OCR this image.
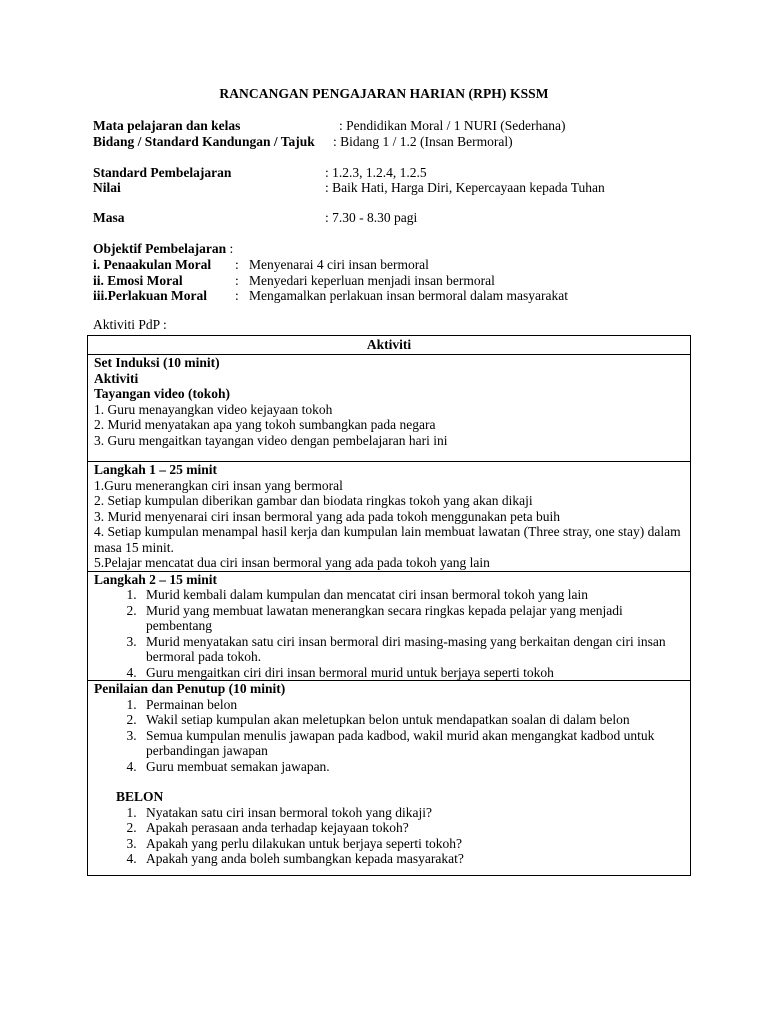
RANCANGAN PENGAJARAN HARIAN (RPH) KSSM
Mata pelajaran dan kelas	: Pendidikan Moral / 1 NURI (Sederhana)
Bidang / Standard Kandungan / Tajuk : Bidang 1 / 1.2 (Insan Bermoral)
Standard Pembelajaran	: 1.2.3, 1.2.4, 1.2.5
Nilai	: Baik Hati, Harga Diri, Kepercayaan kepada Tuhan
Masa	: 7.30 - 8.30 pagi
Objektif Pembelajaran :
i. Penaakulan Moral : Menyenarai 4 ciri insan bermoral
ii. Emosi Moral	: Menyedari keperluan menjadi insan bermoral
iii.Perlakuan Moral : Mengamalkan perlakuan insan bermoral dalam masyarakat
Aktiviti PdP :
Aktiviti

Set Induksi (10 minit)
Aktiviti
Tayangan video (tokoh)
1. Guru menayangkan video kejayaan tokoh
2. Murid menyatakan apa yang tokoh sumbangkan pada negara
3. Guru mengaitkan tayangan video dengan pembelajaran hari ini

Langkah 1 – 25 minit
1.Guru menerangkan ciri insan yang bermoral
2. Setiap kumpulan diberikan gambar dan biodata ringkas tokoh yang akan dikaji
3. Murid menyenarai ciri insan bermoral yang ada pada tokoh menggunakan peta buih
4. Setiap kumpulan menampal hasil kerja dan kumpulan lain membuat lawatan (Three stray, one stay) dalam masa 15 minit.
5.Pelajar mencatat dua ciri insan bermoral yang ada pada tokoh yang lain

Langkah 2 – 15 minit
1. Murid kembali dalam kumpulan dan mencatat ciri insan bermoral tokoh yang lain
2. Murid yang membuat lawatan menerangkan secara ringkas kepada pelajar yang menjadi pembentang
3. Murid menyatakan satu ciri insan bermoral diri masing-masing yang berkaitan dengan ciri insan bermoral pada tokoh.
4. Guru mengaitkan ciri diri insan bermoral murid untuk berjaya seperti tokoh

Penilaian dan Penutup (10 minit)
1. Permainan belon
2. Wakil setiap kumpulan akan meletupkan belon untuk mendapatkan soalan di dalam belon
3. Semua kumpulan menulis jawapan pada kadbod, wakil murid akan mengangkat kadbod untuk perbandingan jawapan
4. Guru membuat semakan jawapan.
BELON
1. Nyatakan satu ciri insan bermoral tokoh yang dikaji?
2. Apakah perasaan anda terhadap kejayaan tokoh?
3. Apakah yang perlu dilakukan untuk berjaya seperti tokoh?
4. Apakah yang anda boleh sumbangkan kepada masyarakat?
